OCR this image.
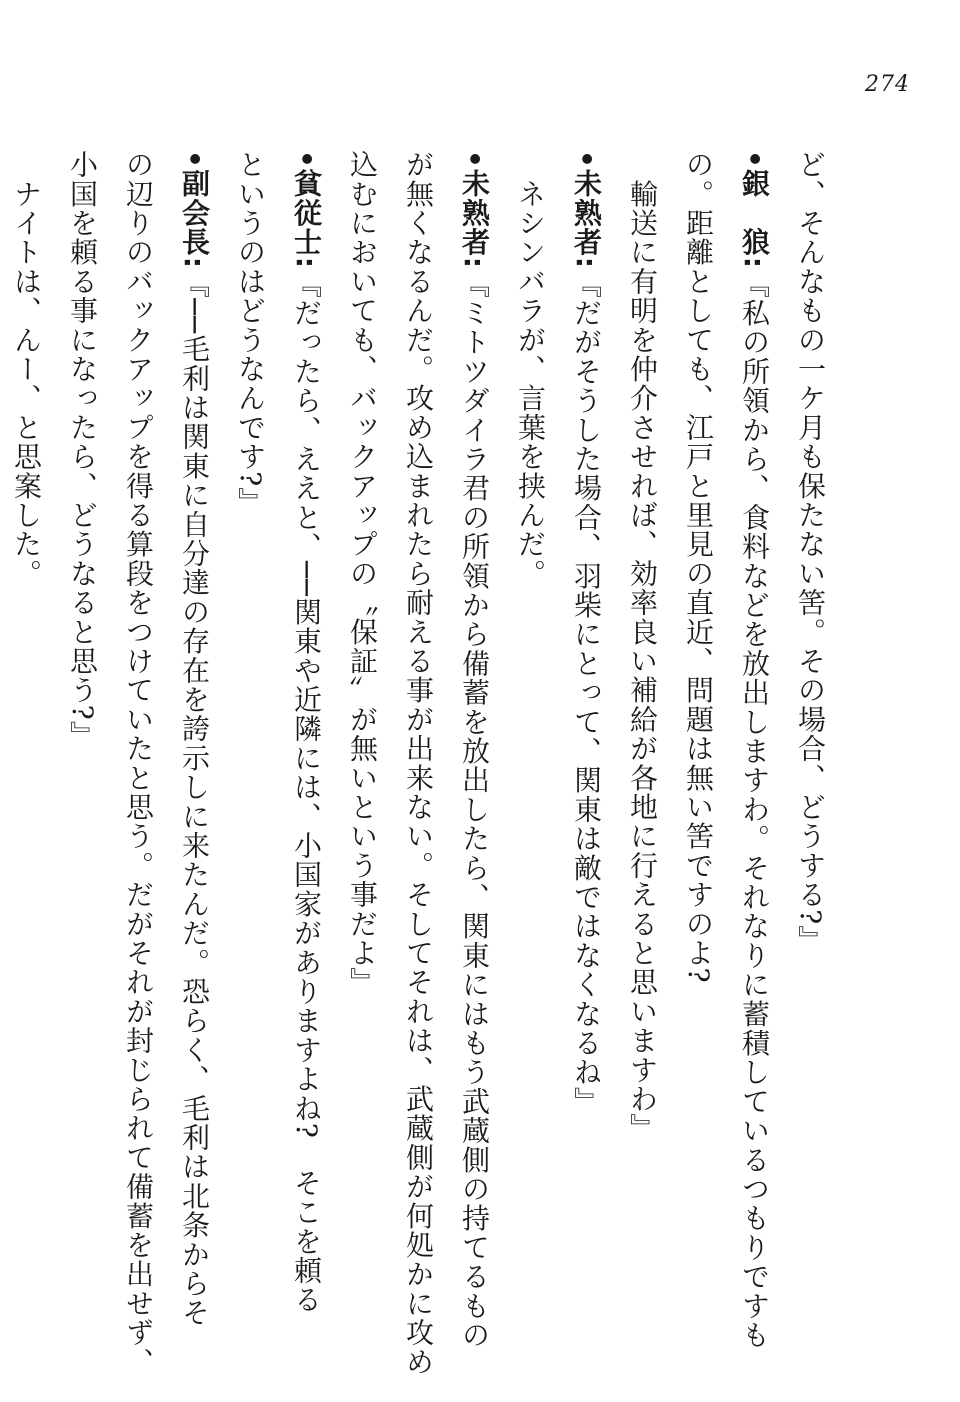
274
ど、そんなもの一ケ月も保たない筈。その場合、どうする?』
•銀　狼:『私の所領から、食料などを放出しますわ。それなりに蓄積しているつもりですも
の。距離としても、江戸と里見の直近、問題は無い筈ですのよ?
　輸送に有明を仲介させれば、効率良い補給が各地に行えると思いますわ』
•未熟者:『だがそうした場合、羽柴にとって、関東は敵ではなくなるね』
　ネシンバラが、言葉を挟んだ。
•未熟者:『ミトツダイラ君の所領から備蓄を放出したら、関東にはもう武蔵側の持てるもの
が無くなるんだ。攻め込まれたら耐える事が出来ない。そしてそれは、武蔵側が何処かに攻め
込むにおいても、バックアップの〝保証〟が無いという事だよ』
•貧従士:『だったら、ええと、──関東や近隣には、小国家がありますよね?　そこを頼る
というのはどうなんです?』
•副会長:『──毛利は関東に自分達の存在を誇示しに来たんだ。恐らく、毛利は北条からそ
の辺りのバックアップを得る算段をつけていたと思う。だがそれが封じられて備蓄を出せず、
小国を頼る事になったら、どうなると思う?』
　ナイトは、んー、と思案した。
